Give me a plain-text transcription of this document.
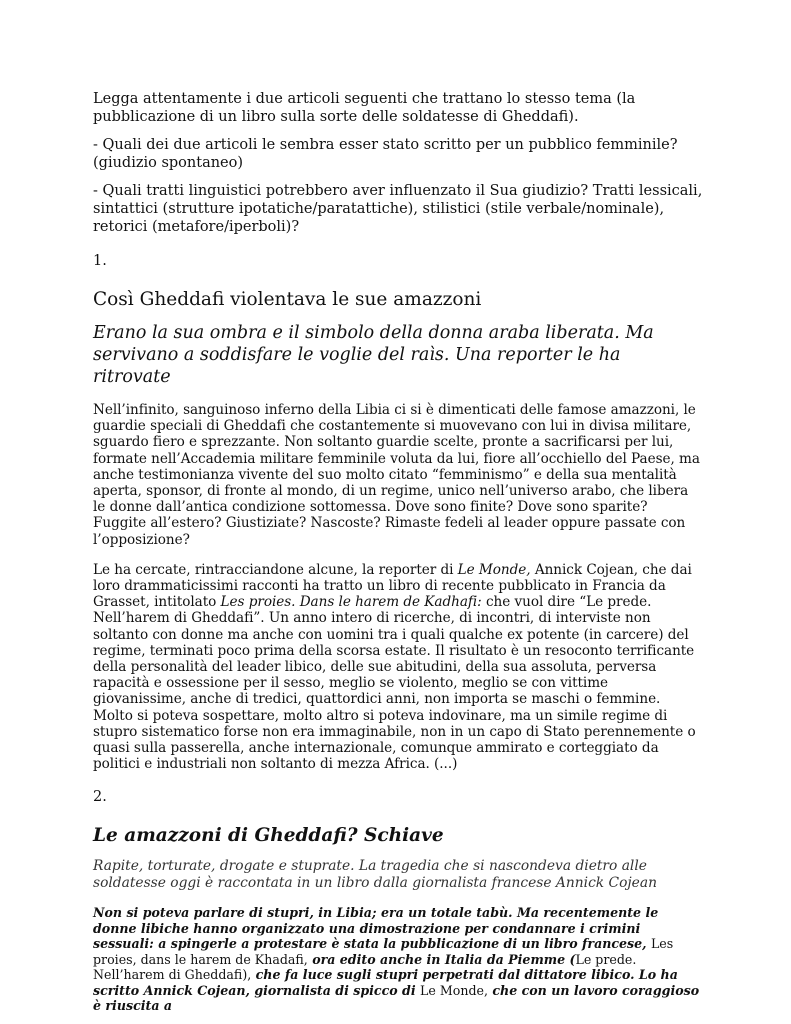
Legga attentamente i due articoli seguenti che trattano lo stesso tema (la pubblicazione di un libro sulla sorte delle soldatesse di Gheddafi).

- Quali dei due articoli le sembra esser stato scritto per un pubblico femminile? (giudizio spontaneo)

- Quali tratti linguistici potrebbero aver influenzato il Sua giudizio? Tratti lessicali, sintattici (strutture ipotatiche/paratattiche), stilistici (stile verbale/nominale), retorici (metafore/iperboli)?

1.

Così Gheddafi violentava le sue amazzoni

Erano la sua ombra e il simbolo della donna araba liberata. Ma servivano a soddisfare le voglie del raìs. Una reporter le ha ritrovate

Nell’infinito, sanguinoso inferno della Libia ci si è dimenticati delle famose amazzoni, le guardie speciali di Gheddafi che costantemente si muovevano con lui in divisa militare, sguardo fiero e sprezzante. Non soltanto guardie scelte, pronte a sacrificarsi per lui, formate nell’Accademia militare femminile voluta da lui, fiore all’occhiello del Paese, ma anche testimonianza vivente del suo molto citato “femminismo” e della sua mentalità aperta, sponsor, di fronte al mondo, di un regime, unico nell’universo arabo, che libera le donne dall’antica condizione sottomessa. Dove sono finite? Dove sono sparite? Fuggite all’estero? Giustiziate? Nascoste? Rimaste fedeli al leader oppure passate con l’opposizione?

Le ha cercate, rintracciandone alcune, la reporter di Le Monde, Annick Cojean, che dai loro drammaticissimi racconti ha tratto un libro di recente pubblicato in Francia da Grasset, intitolato Les proies. Dans le harem de Kadhafi: che vuol dire “Le prede. Nell’harem di Gheddafi”. Un anno intero di ricerche, di incontri, di interviste non soltanto con donne ma anche con uomini tra i quali qualche ex potente (in carcere) del regime, terminati poco prima della scorsa estate. Il risultato è un resoconto terrificante della personalità del leader libico, delle sue abitudini, della sua assoluta, perversa rapacità e ossessione per il sesso, meglio se violento, meglio se con vittime giovanissime, anche di tredici, quattordici anni, non importa se maschi o femmine. Molto si poteva sospettare, molto altro si poteva indovinare, ma un simile regime di stupro sistematico forse non era immaginabile, non in un capo di Stato perennemente o quasi sulla passerella, anche internazionale, comunque ammirato e corteggiato da politici e industriali non soltanto di mezza Africa. (...)

2.

Le amazzoni di Gheddafi? Schiave

Rapite, torturate, drogate e stuprate. La tragedia che si nascondeva dietro alle soldatesse oggi è raccontata in un libro dalla giornalista francese Annick Cojean

Non si poteva parlare di stupri, in Libia; era un totale tabù. Ma recentemente le donne libiche hanno organizzato una dimostrazione per condannare i crimini sessuali: a spingerle a protestare è stata la pubblicazione di un libro francese, Les proies, dans le harem de Khadafi, ora edito anche in Italia da Piemme (Le prede. Nell’harem di Gheddafi), che fa luce sugli stupri perpetrati dal dittatore libico. Lo ha scritto Annick Cojean, giornalista di spicco di Le Monde, che con un lavoro coraggioso è riuscita a
